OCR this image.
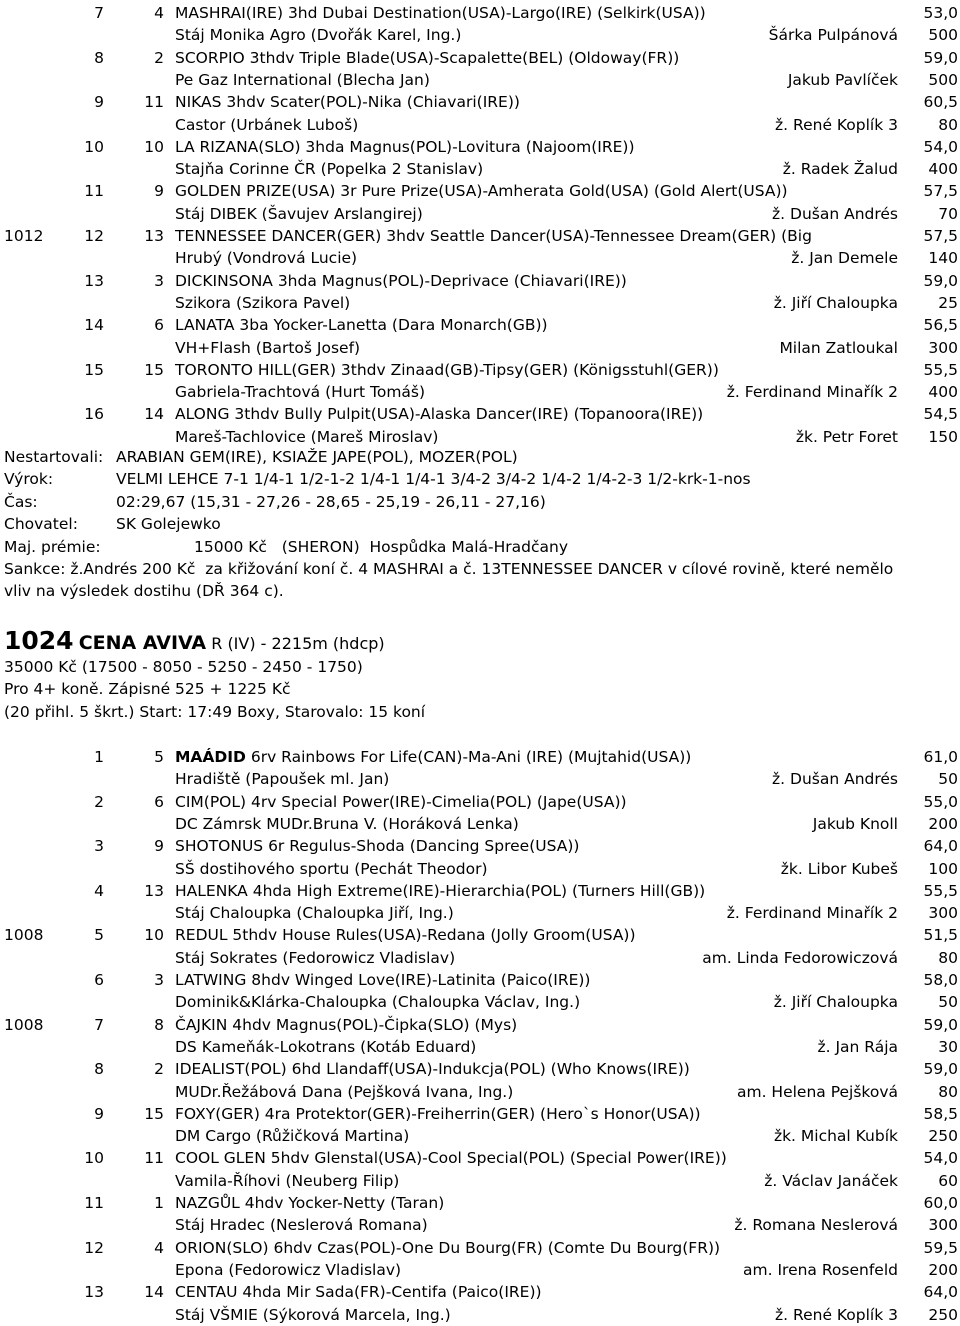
7	4 MASHRAI(IRE) 3hd Dubai Destination(USA)-Largo(IRE) (Selkirk(USA))	53,0
Stáj Monika Agro (Dvořák Karel, Ing.)	Šárka Pulpánová 500
8	2 SCORPIO 3thdv Triple Blade(USA)-Scapalette(BEL) (Oldoway(FR))	59,0
Pe Gaz International (Blecha Jan)	Jakub Pavlíček 500
9	11 NIKAS 3hdv Scater(POL)-Nika (Chiavari(IRE))	60,5
Castor (Urbánek Luboš)	ž. René Koplík 3	80
10	10 LA RIZANA(SLO) 3hda Magnus(POL)-Lovitura (Najoom(IRE))	54,0
Stajňa Corinne ČR (Popelka 2 Stanislav)	ž. Radek Žalud 400
11	9 GOLDEN PRIZE(USA) 3r Pure Prize(USA)-Amherata Gold(USA) (Gold Alert(USA))	57,5
Stáj DIBEK (Šavujev Arslangirej)	ž. Dušan Andrés	70
1012	12	13 TENNESSEE DANCER(GER) 3hdv Seattle Dancer(USA)-Tennessee Dream(GER) (Big	57,5
Hrubý (Vondrová Lucie)	ž. Jan Demele 140
13	3 DICKINSONA 3hda Magnus(POL)-Deprivace (Chiavari(IRE))	59,0
Szikora (Szikora Pavel)	ž. Jiří Chaloupka	25
14	6 LANATA 3ba Yocker-Lanetta (Dara Monarch(GB))	56,5
VH+Flash (Bartoš Josef)	Milan Zatloukal 300
15	15 TORONTO HILL(GER) 3thdv Zinaad(GB)-Tipsy(GER) (Königsstuhl(GER))	55,5
Gabriela-Trachtová (Hurt Tomáš)	ž. Ferdinand Minařík 2 400
16	14 ALONG 3thdv Bully Pulpit(USA)-Alaska Dancer(IRE) (Topanoora(IRE))	54,5
Mareš-Tachlovice (Mareš Miroslav)	žk. Petr Foret 150
Nestartovali: ARABIAN GEM(IRE), KSIAŽE JAPE(POL), MOZER(POL)
Výrok:	VELMI LEHCE 7-1 1/4-1 1/2-1-2 1/4-1 1/4-1 3/4-2 3/4-2 1/4-2 1/4-2-3 1/2-krk-1-nos
Čas:	02:29,67 (15,31 - 27,26 - 28,65 - 25,19 - 26,11 - 27,16)
Chovatel: SK Golejewko
Maj. prémie:	15000 Kč   (SHERON)  Hospůdka Malá-Hradčany
Sankce: ž.Andrés 200 Kč  za křižování koní č. 4 MASHRAI a č. 13TENNESSEE DANCER v cílové rovině, které nemělo
vliv na výsledek dostihu (DŘ 364 c).
1024 CENA AVIVA R (IV) - 2215m (hdcp)
35000 Kč (17500 - 8050 - 5250 - 2450 - 1750)
Pro 4+ koně. Zápisné 525 + 1225 Kč
(20 přihl. 5 škrt.) Start: 17:49 Boxy, Starovalo: 15 koní
1	5 MAÁDID 6rv Rainbows For Life(CAN)-Ma-Ani (IRE) (Mujtahid(USA))	61,0
Hradiště (Papoušek ml. Jan)	ž. Dušan Andrés	50
2	6 CIM(POL) 4rv Special Power(IRE)-Cimelia(POL) (Jape(USA))	55,0
DC Zámrsk MUDr.Bruna V. (Horáková Lenka)	Jakub Knoll 200
3	9 SHOTONUS 6r Regulus-Shoda (Dancing Spree(USA))	64,0
SŠ dostihového sportu (Pechát Theodor)	žk. Libor Kubeš 100
4	13 HALENKA 4hda High Extreme(IRE)-Hierarchia(POL) (Turners Hill(GB))	55,5
Stáj Chaloupka (Chaloupka Jiří, Ing.)	ž. Ferdinand Minařík 2 300
1008	5	10 REDUL 5thdv House Rules(USA)-Redana (Jolly Groom(USA))	51,5
Stáj Sokrates (Fedorowicz Vladislav)	am. Linda Fedorowiczová	80
6	3 LATWING 8hdv Winged Love(IRE)-Latinita (Paico(IRE))	58,0
Dominik&Klárka-Chaloupka (Chaloupka Václav, Ing.)	ž. Jiří Chaloupka	50
1008	7	8 ČAJKIN 4hdv Magnus(POL)-Čipka(SLO) (Mys)	59,0
DS Kameňák-Lokotrans (Kotáb Eduard)	ž. Jan Rája	30
8	2 IDEALIST(POL) 6hd Llandaff(USA)-Indukcja(POL) (Who Knows(IRE))	59,0
MUDr.Řežábová Dana (Pejšková Ivana, Ing.)	am. Helena Pejšková	80
9	15 FOXY(GER) 4ra Protektor(GER)-Freiherrin(GER) (Hero`s Honor(USA))	58,5
DM Cargo (Růžičková Martina)	žk. Michal Kubík 250
10	11 COOL GLEN 5hdv Glenstal(USA)-Cool Special(POL) (Special Power(IRE))	54,0
Vamila-Říhovi (Neuberg Filip)	ž. Václav Janáček	60
11	1 NAZGŮL 4hdv Yocker-Netty (Taran)	60,0
Stáj Hradec (Neslerová Romana)	ž. Romana Neslerová 300
12	4 ORION(SLO) 6hdv Czas(POL)-One Du Bourg(FR) (Comte Du Bourg(FR))	59,5
Epona (Fedorowicz Vladislav)	am. Irena Rosenfeld 200
13	14 CENTAU 4hda Mir Sada(FR)-Centifa (Paico(IRE))	64,0
Stáj VŠMIE (Sýkorová Marcela, Ing.)	ž. René Koplík 3 250
